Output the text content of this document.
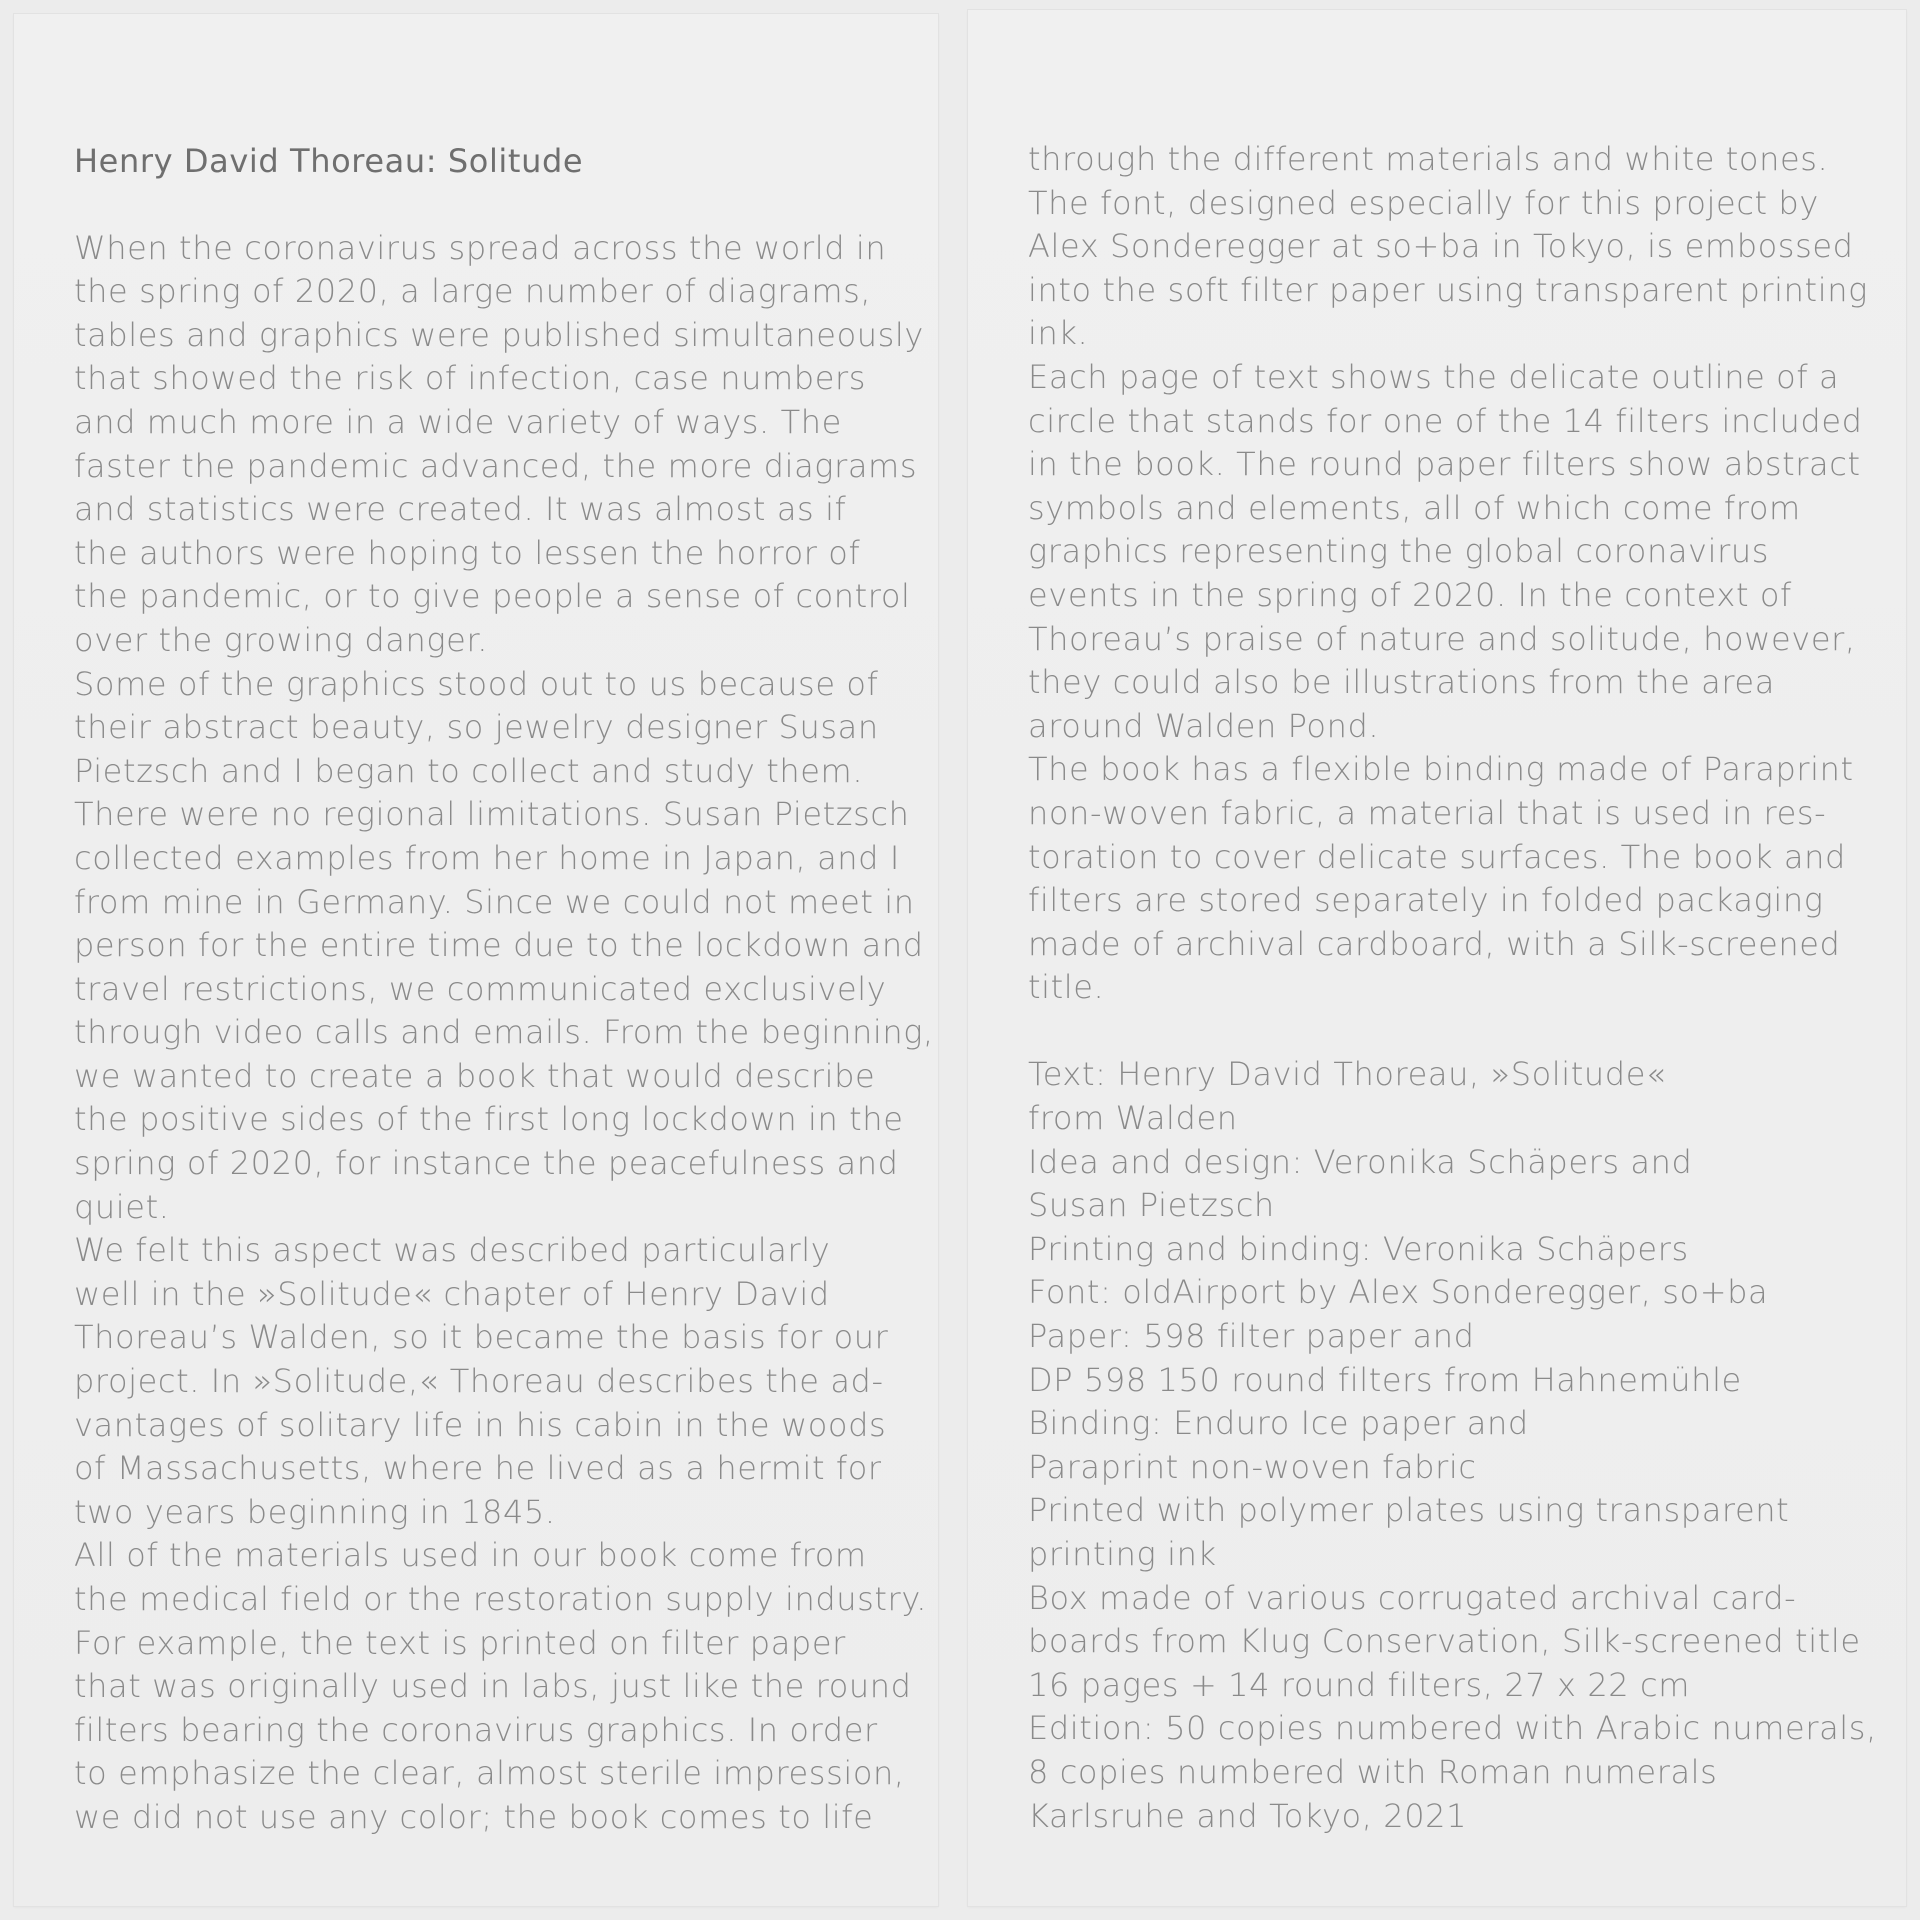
Henry David Thoreau: Solitude
When the coronavirus spread across the world in
the spring of 2020, a large number of diagrams,
tables and graphics were published simultaneously
that showed the risk of infection, case numbers
and much more in a wide variety of ways. The
faster the pandemic advanced, the more diagrams
and statistics were created. It was almost as if
the authors were hoping to lessen the horror of
the pandemic, or to give people a sense of control
over the growing danger.
Some of the graphics stood out to us because of
their abstract beauty, so jewelry designer Susan
Pietzsch and I began to collect and study them.
There were no regional limitations. Susan Pietzsch
collected examples from her home in Japan, and I
from mine in Germany. Since we could not meet in
person for the entire time due to the lockdown and
travel restrictions, we communicated exclusively
through video calls and emails. From the beginning,
we wanted to create a book that would describe
the positive sides of the first long lockdown in the
spring of 2020, for instance the peacefulness and
quiet.
We felt this aspect was described particularly
well in the »Solitude« chapter of Henry David
Thoreau’s Walden, so it became the basis for our
project. In »Solitude,« Thoreau describes the ad-
vantages of solitary life in his cabin in the woods
of Massachusetts, where he lived as a hermit for
two years beginning in 1845.
All of the materials used in our book come from
the medical field or the restoration supply industry.
For example, the text is printed on filter paper
that was originally used in labs, just like the round
filters bearing the coronavirus graphics. In order
to emphasize the clear, almost sterile impression,
we did not use any color; the book comes to life
through the different materials and white tones.
The font, designed especially for this project by
Alex Sonderegger at so+ba in Tokyo, is embossed
into the soft filter paper using transparent printing
ink.
Each page of text shows the delicate outline of a
circle that stands for one of the 14 filters included
in the book. The round paper filters show abstract
symbols and elements, all of which come from
graphics representing the global coronavirus
events in the spring of 2020. In the context of
Thoreau’s praise of nature and solitude, however,
they could also be illustrations from the area
around Walden Pond.
The book has a flexible binding made of Paraprint
non-woven fabric, a material that is used in res-
toration to cover delicate surfaces. The book and
filters are stored separately in folded packaging
made of archival cardboard, with a Silk-screened
title.
Text: Henry David Thoreau, »Solitude«
from Walden
Idea and design: Veronika Schäpers and
Susan Pietzsch
Printing and binding: Veronika Schäpers
Font: oldAirport by Alex Sonderegger, so+ba
Paper: 598 filter paper and
DP 598 150 round filters from Hahnemühle
Binding: Enduro Ice paper and
Paraprint non-woven fabric
Printed with polymer plates using transparent
printing ink
Box made of various corrugated archival card-
boards from Klug Conservation, Silk-screened title
16 pages + 14 round filters, 27 x 22 cm
Edition: 50 copies numbered with Arabic numerals,
8 copies numbered with Roman numerals
Karlsruhe and Tokyo, 2021
